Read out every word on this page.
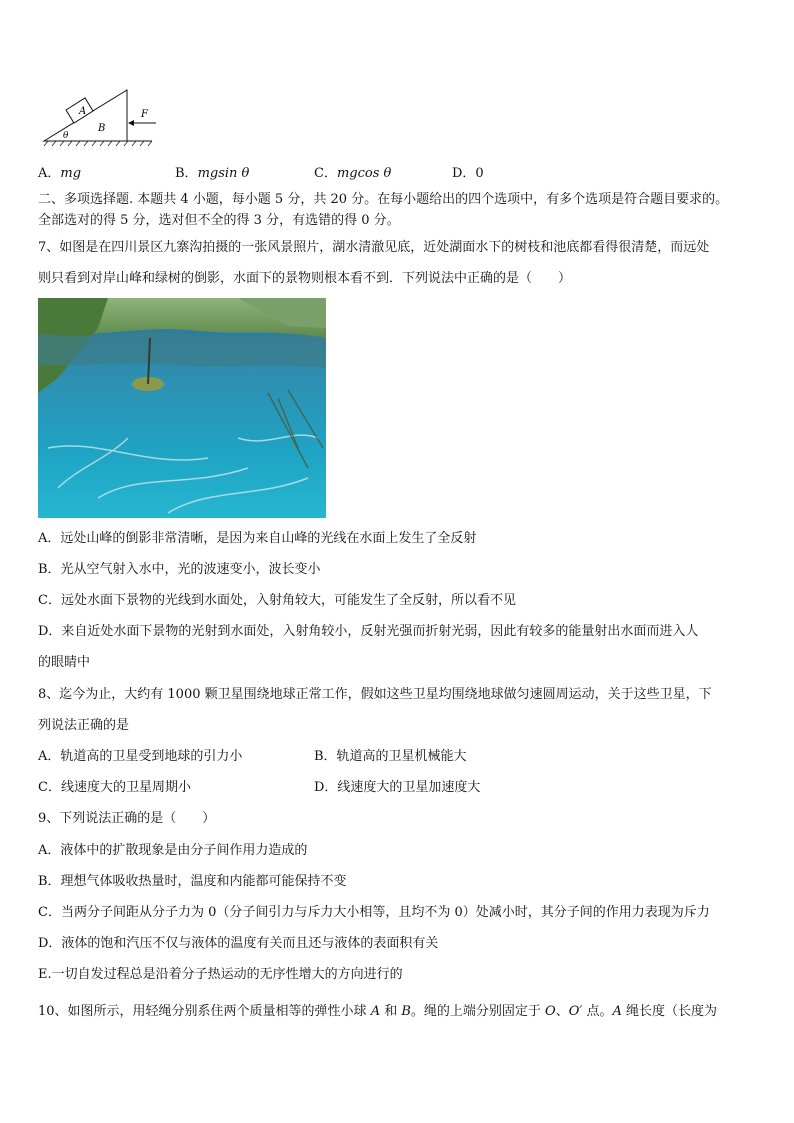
A
B
θ
F
A．mg	B．mgsin θ	C．mgcos θ	D．0
二、多项选择题. 本题共 4 小题，每小题 5 分，共 20 分。在每小题给出的四个选项中，有多个选项是符合题目要求的。
全部选对的得 5 分，选对但不全的得 3 分，有选错的得 0 分。
7、如图是在四川景区九寨沟拍摄的一张风景照片，湖水清澈见底，近处湖面水下的树枝和池底都看得很清楚，而远处
则只看到对岸山峰和绿树的倒影，水面下的景物则根本看不到．下列说法中正确的是（　　）
A．远处山峰的倒影非常清晰，是因为来自山峰的光线在水面上发生了全反射
B．光从空气射入水中，光的波速变小，波长变小
C．远处水面下景物的光线到水面处，入射角较大，可能发生了全反射，所以看不见
D．来自近处水面下景物的光射到水面处，入射角较小，反射光强而折射光弱，因此有较多的能量射出水面而进入人
的眼睛中
8、迄今为止，大约有 1000 颗卫星围绕地球正常工作，假如这些卫星均围绕地球做匀速圆周运动，关于这些卫星，下
列说法正确的是
A．轨道高的卫星受到地球的引力小	B．轨道高的卫星机械能大
C．线速度大的卫星周期小	D．线速度大的卫星加速度大
9、下列说法正确的是（　　）
A．液体中的扩散现象是由分子间作用力造成的
B．理想气体吸收热量时，温度和内能都可能保持不变
C．当两分子间距从分子力为 0（分子间引力与斥力大小相等，且均不为 0）处减小时，其分子间的作用力表现为斥力
D．液体的饱和汽压不仅与液体的温度有关而且还与液体的表面积有关
E.一切自发过程总是沿着分子热运动的无序性增大的方向进行的
10、如图所示，用轻绳分别系住两个质量相等的弹性小球 A 和 B。绳的上端分别固定于 O、O′ 点。A 绳长度（长度为
